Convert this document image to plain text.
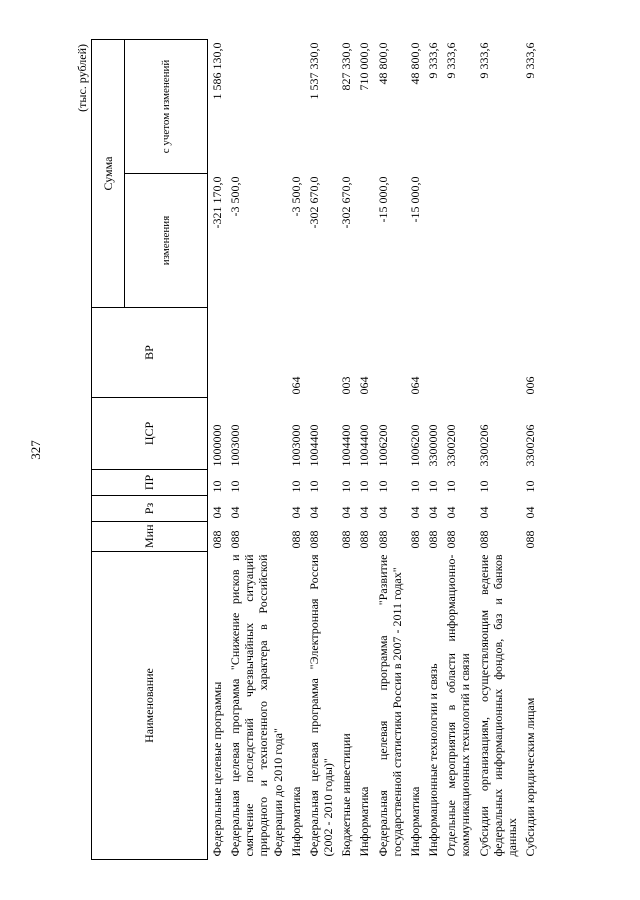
327
(тыс. рублей)
Наименование	Мин	Рз	ПР	ЦСР	ВР		Сумма	
							изменения	с учетом изменений
Федеральные целевые программы	088	04	10	1000000			-321 170,0	1 586 130,0
Федеральная целевая программа "Снижение рисков и смягчение последствий чрезвычайных ситуаций природного и техногенного характера в Российской Федерации до 2010 года"	088	04	10	1003000			-3 500,0	
Информатика	088	04	10	1003000	064		-3 500,0	
Федеральная целевая программа "Электронная Россия (2002 - 2010 годы)"	088	04	10	1004400			-302 670,0	1 537 330,0
Бюджетные инвестиции	088	04	10	1004400	003		-302 670,0	827 330,0
Информатика	088	04	10	1004400	064			710 000,0
Федеральная целевая программа "Развитие государственной статистики России в 2007 - 2011 годах"	088	04	10	1006200			-15 000,0	48 800,0
Информатика	088	04	10	1006200	064		-15 000,0	48 800,0
Информационные технологии и связь	088	04	10	3300000				9 333,6
Отдельные мероприятия в области информационно-коммуникационных технологий и связи	088	04	10	3300200				9 333,6
Субсидии организациям, осуществляющим ведение федеральных информационных фондов, баз и банков данных	088	04	10	3300206				9 333,6
Субсидии юридическим лицам	088	04	10	3300206	006			9 333,6
